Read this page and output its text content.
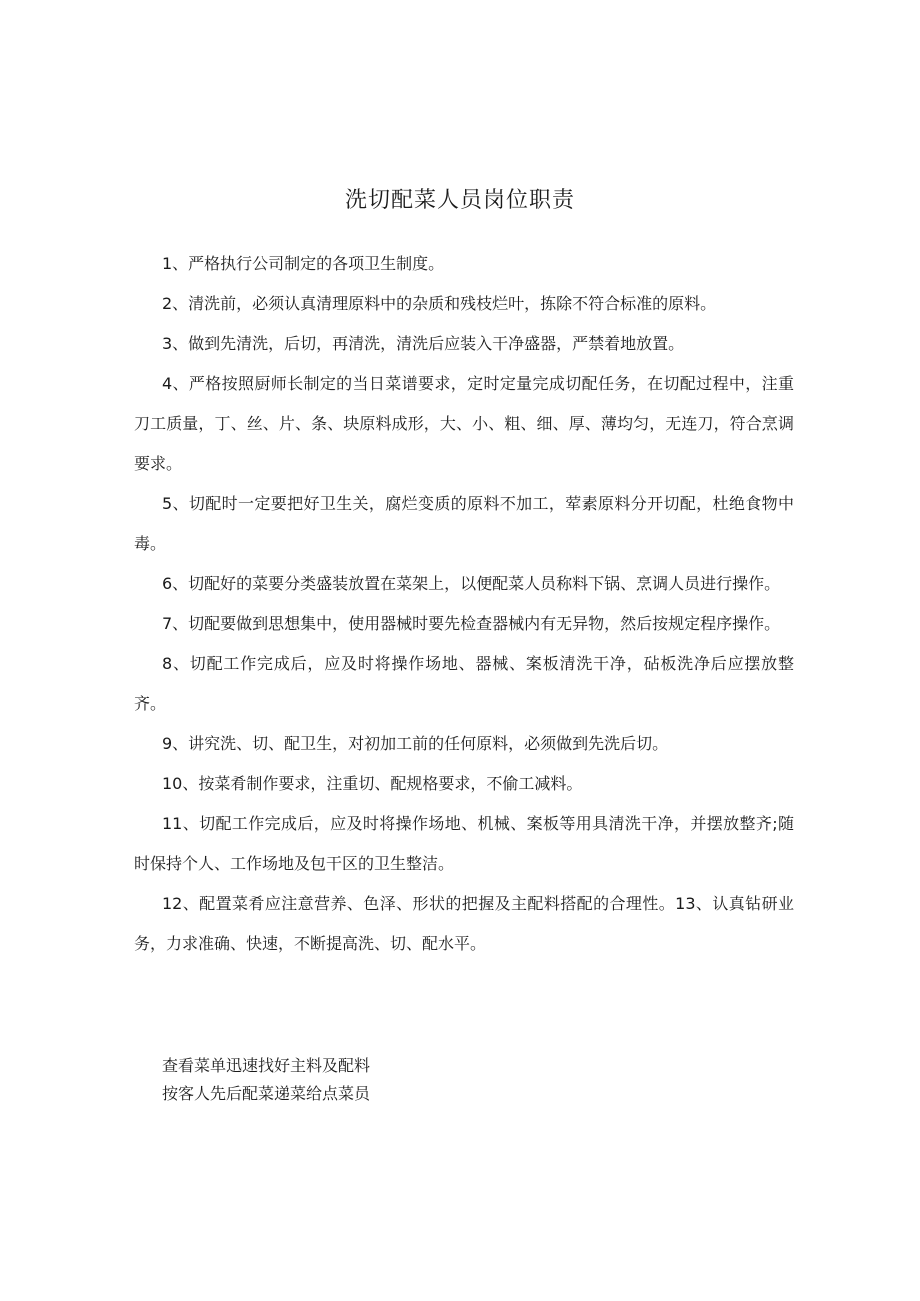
洗切配菜人员岗位职责

1、严格执行公司制定的各项卫生制度。

2、清洗前，必须认真清理原料中的杂质和残枝烂叶，拣除不符合标准的原料。

3、做到先清洗，后切，再清洗，清洗后应装入干净盛器，严禁着地放置。

4、严格按照厨师长制定的当日菜谱要求，定时定量完成切配任务，在切配过程中，注重刀工质量，丁、丝、片、条、块原料成形，大、小、粗、细、厚、薄均匀，无连刀，符合烹调要求。

5、切配时一定要把好卫生关，腐烂变质的原料不加工，荤素原料分开切配，杜绝食物中毒。

6、切配好的菜要分类盛装放置在菜架上，以便配菜人员称料下锅、烹调人员进行操作。

7、切配要做到思想集中，使用器械时要先检查器械内有无异物，然后按规定程序操作。

8、切配工作完成后，应及时将操作场地、器械、案板清洗干净，砧板洗净后应摆放整齐。

9、讲究洗、切、配卫生，对初加工前的任何原料，必须做到先洗后切。

10、按菜肴制作要求，注重切、配规格要求，不偷工减料。

11、切配工作完成后，应及时将操作场地、机械、案板等用具清洗干净，并摆放整齐;随时保持个人、工作场地及包干区的卫生整洁。

12、配置菜肴应注意营养、色泽、形状的把握及主配料搭配的合理性。13、认真钻研业务，力求准确、快速，不断提高洗、切、配水平。

查看菜单迅速找好主料及配料
按客人先后配菜递菜给点菜员
